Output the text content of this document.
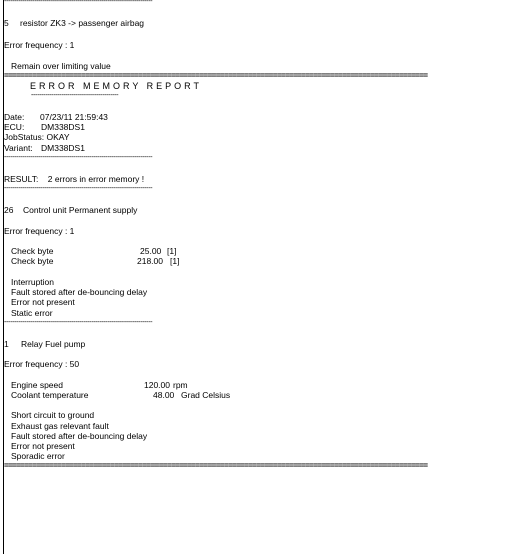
-------------------------------------------------------------------------
5 resistor ZK3 -> passenger airbag
Error frequency : 1
Remain over limiting value
========================================================================================================
ERROR MEMORY REPORT
-------------------------------------------
Date: 07/23/11 21:59:43
ECU: DM338DS1
JobStatus: OKAY
Variant: DM338DS1
-------------------------------------------------------------------------
RESULT:    2 errors in error memory !
-------------------------------------------------------------------------
26 Control unit Permanent supply
Error frequency : 1
Check byte	25.00 [1]
Check byte	218.00 [1]
Interruption
Fault stored after de-bouncing delay
Error not present
Static error
-------------------------------------------------------------------------
1 Relay Fuel pump
Error frequency : 50
Engine speed	120.00 rpm
Coolant temperature	48.00 Grad Celsius
Short circuit to ground
Exhaust gas relevant fault
Fault stored after de-bouncing delay
Error not present
Sporadic error
========================================================================================================
